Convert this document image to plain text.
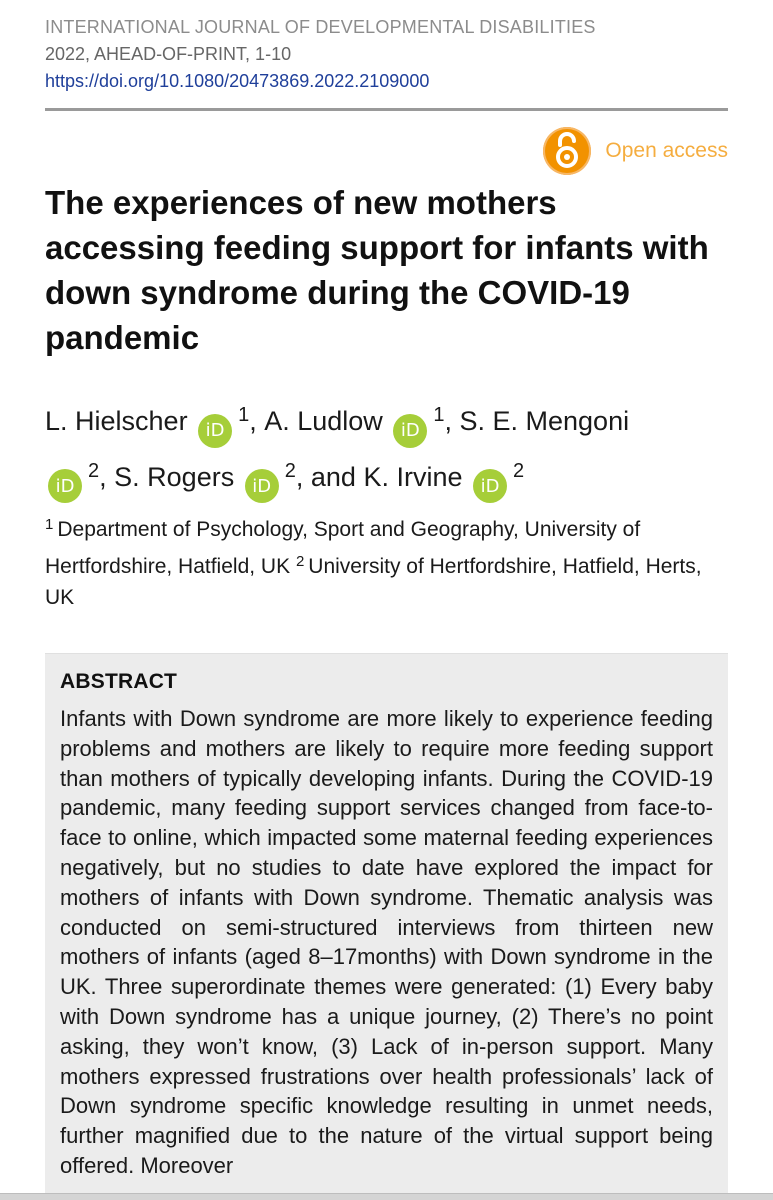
INTERNATIONAL JOURNAL OF DEVELOPMENTAL DISABILITIES
2022, AHEAD-OF-PRINT, 1-10
https://doi.org/10.1080/20473869.2022.2109000
Open access
The experiences of new mothers accessing feeding support for infants with down syndrome during the COVID-19 pandemic
L. Hielscher iD$^1$, A. Ludlow iD$^1$, S. E. Mengoni
iD$^2$, S. Rogers iD$^2$, and K. Irvine iD$^2$
$^1$ Department of Psychology, Sport and Geography, University of Hertfordshire, Hatfield, UK $^2$ University of Hertfordshire, Hatfield, Herts, UK
ABSTRACT

Infants with Down syndrome are more likely to experience feeding problems and mothers are likely to require more feeding support than mothers of typically developing infants. During the COVID-19 pandemic, many feeding support services changed from face-to-face to online, which impacted some maternal feeding experiences negatively, but no studies to date have explored the impact for mothers of infants with Down syndrome. Thematic analysis was conducted on semi-structured interviews from thirteen new mothers of infants (aged 8–17months) with Down syndrome in the UK. Three superordinate themes were generated: (1) Every baby with Down syndrome has a unique journey, (2) There’s no point asking, they won’t know, (3) Lack of in-person support. Many mothers expressed frustrations over health professionals’ lack of Down syndrome specific knowledge resulting in unmet needs, further magnified due to the nature of the virtual support being offered. Moreover
